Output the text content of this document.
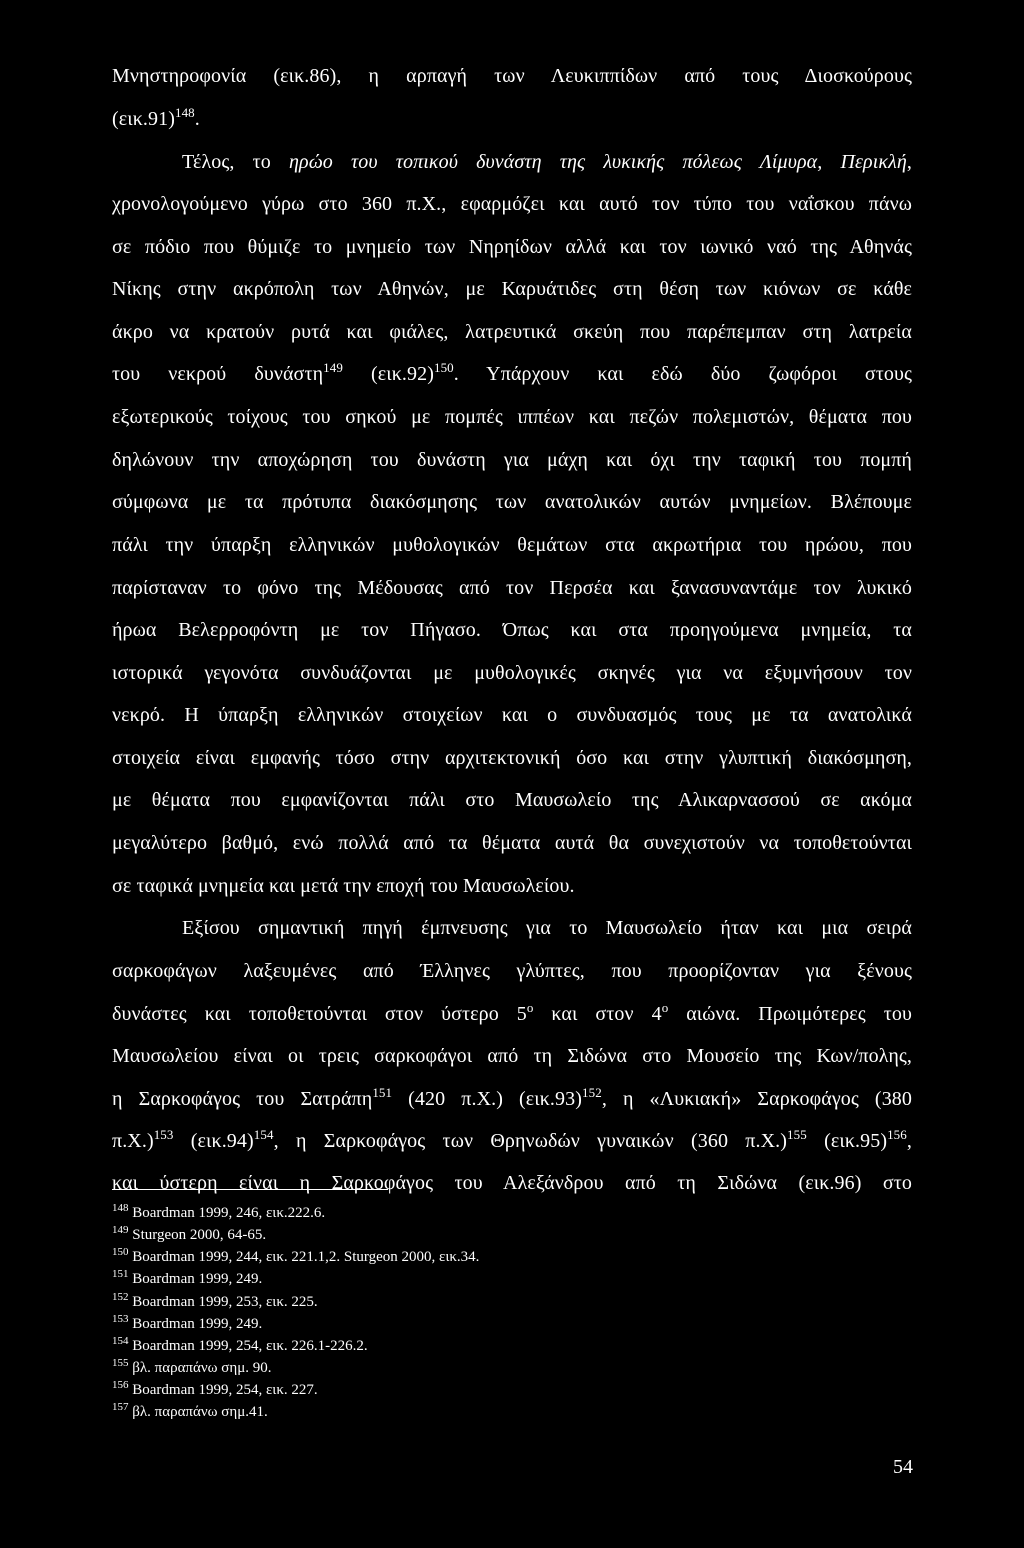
Μνηστηροφονία (εικ.86), η αρπαγή των Λευκιππίδων από τους Διοσκούρους
$(\varepsilon\iota\kappa.91)^{148}$.
Τέλος, το ηρώο του τοπικού δυνάστη της λυκικής πόλεως Λίμυρα, Περικλή,
χρονολογούμενο γύρω στο 360 π.Χ., εφαρμόζει και αυτό τον τύπο του ναΐσκου πάνω
σε πόδιο που θύμιζε το μνημείο των Νηρηίδων αλλά και τον ιωνικό ναό της Αθηνάς
Νίκης στην ακρόπολη των Αθηνών, με Καρυάτιδες στη θέση των κιόνων σε κάθε
άκρο να κρατούν ρυτά και φιάλες, λατρευτικά σκεύη που παρέπεμπαν στη λατρεία
του νεκρού δυνάστη$^{149}$ $(\varepsilon\iota\kappa.92)^{150}$. Υπάρχουν και εδώ δύο ζωφόροι στους
εξωτερικούς τοίχους του σηκού με πομπές ιππέων και πεζών πολεμιστών, θέματα που
δηλώνουν την αποχώρηση του δυνάστη για μάχη και όχι την ταφική του πομπή
σύμφωνα με τα πρότυπα διακόσμησης των ανατολικών αυτών μνημείων. Βλέπουμε
πάλι την ύπαρξη ελληνικών μυθολογικών θεμάτων στα ακρωτήρια του ηρώου, που
παρίσταναν το φόνο της Μέδουσας από τον Περσέα και ξανασυναντάμε τον λυκικό
ήρωα Βελερροφόντη με τον Πήγασο. Όπως και στα προηγούμενα μνημεία, τα
ιστορικά γεγονότα συνδυάζονται με μυθολογικές σκηνές για να εξυμνήσουν τον
νεκρό. Η ύπαρξη ελληνικών στοιχείων και ο συνδυασμός τους με τα ανατολικά
στοιχεία είναι εμφανής τόσο στην αρχιτεκτονική όσο και στην γλυπτική διακόσμηση,
με θέματα που εμφανίζονται πάλι στο Μαυσωλείο της Αλικαρνασσού σε ακόμα
μεγαλύτερο βαθμό, ενώ πολλά από τα θέματα αυτά θα συνεχιστούν να τοποθετούνται
σε ταφικά μνημεία και μετά την εποχή του Μαυσωλείου.
Εξίσου σημαντική πηγή έμπνευσης για το Μαυσωλείο ήταν και μια σειρά
σαρκοφάγων λαξευμένες από Έλληνες γλύπτες, που προορίζονταν για ξένους
δυνάστες και τοποθετούνται στον ύστερο $5^o$ και στον $4^o$ αιώνα. Πρωιμότερες του
Μαυσωλείου είναι οι τρεις σαρκοφάγοι από τη Σιδώνα στο Μουσείο της Κων/πολης,
η Σαρκοφάγος του Σατράπη$^{151}$ (420 π.Χ.) $(\varepsilon\iota\kappa.93)^{152}$, η «Λυκιακή» Σαρκοφάγος (380
π.Χ.)$^{153}$ $(\varepsilon\iota\kappa.94)^{154}$, η Σαρκοφάγος των Θρηνωδών γυναικών (360 π.Χ.)$^{155}$ $(\varepsilon\iota\kappa.95)^{156}$,
και ύστερη είναι η Σαρκοφάγος του Αλεξάνδρου από τη Σιδώνα (εικ.96) στο
$^{148}$ Boardman 1999, 246, εικ.222.6.
$^{149}$ Sturgeon 2000, 64-65.
$^{150}$ Boardman 1999, 244, εικ. 221.1,2. Sturgeon 2000, εικ.34.
$^{151}$ Boardman 1999, 249.
$^{152}$ Boardman 1999, 253, εικ. 225.
$^{153}$ Boardman 1999, 249.
$^{154}$ Boardman 1999, 254, εικ. 226.1-226.2.
$^{155}$ βλ. παραπάνω σημ. 90.
$^{156}$ Boardman 1999, 254, εικ. 227.
$^{157}$ βλ. παραπάνω σημ.41.
54
